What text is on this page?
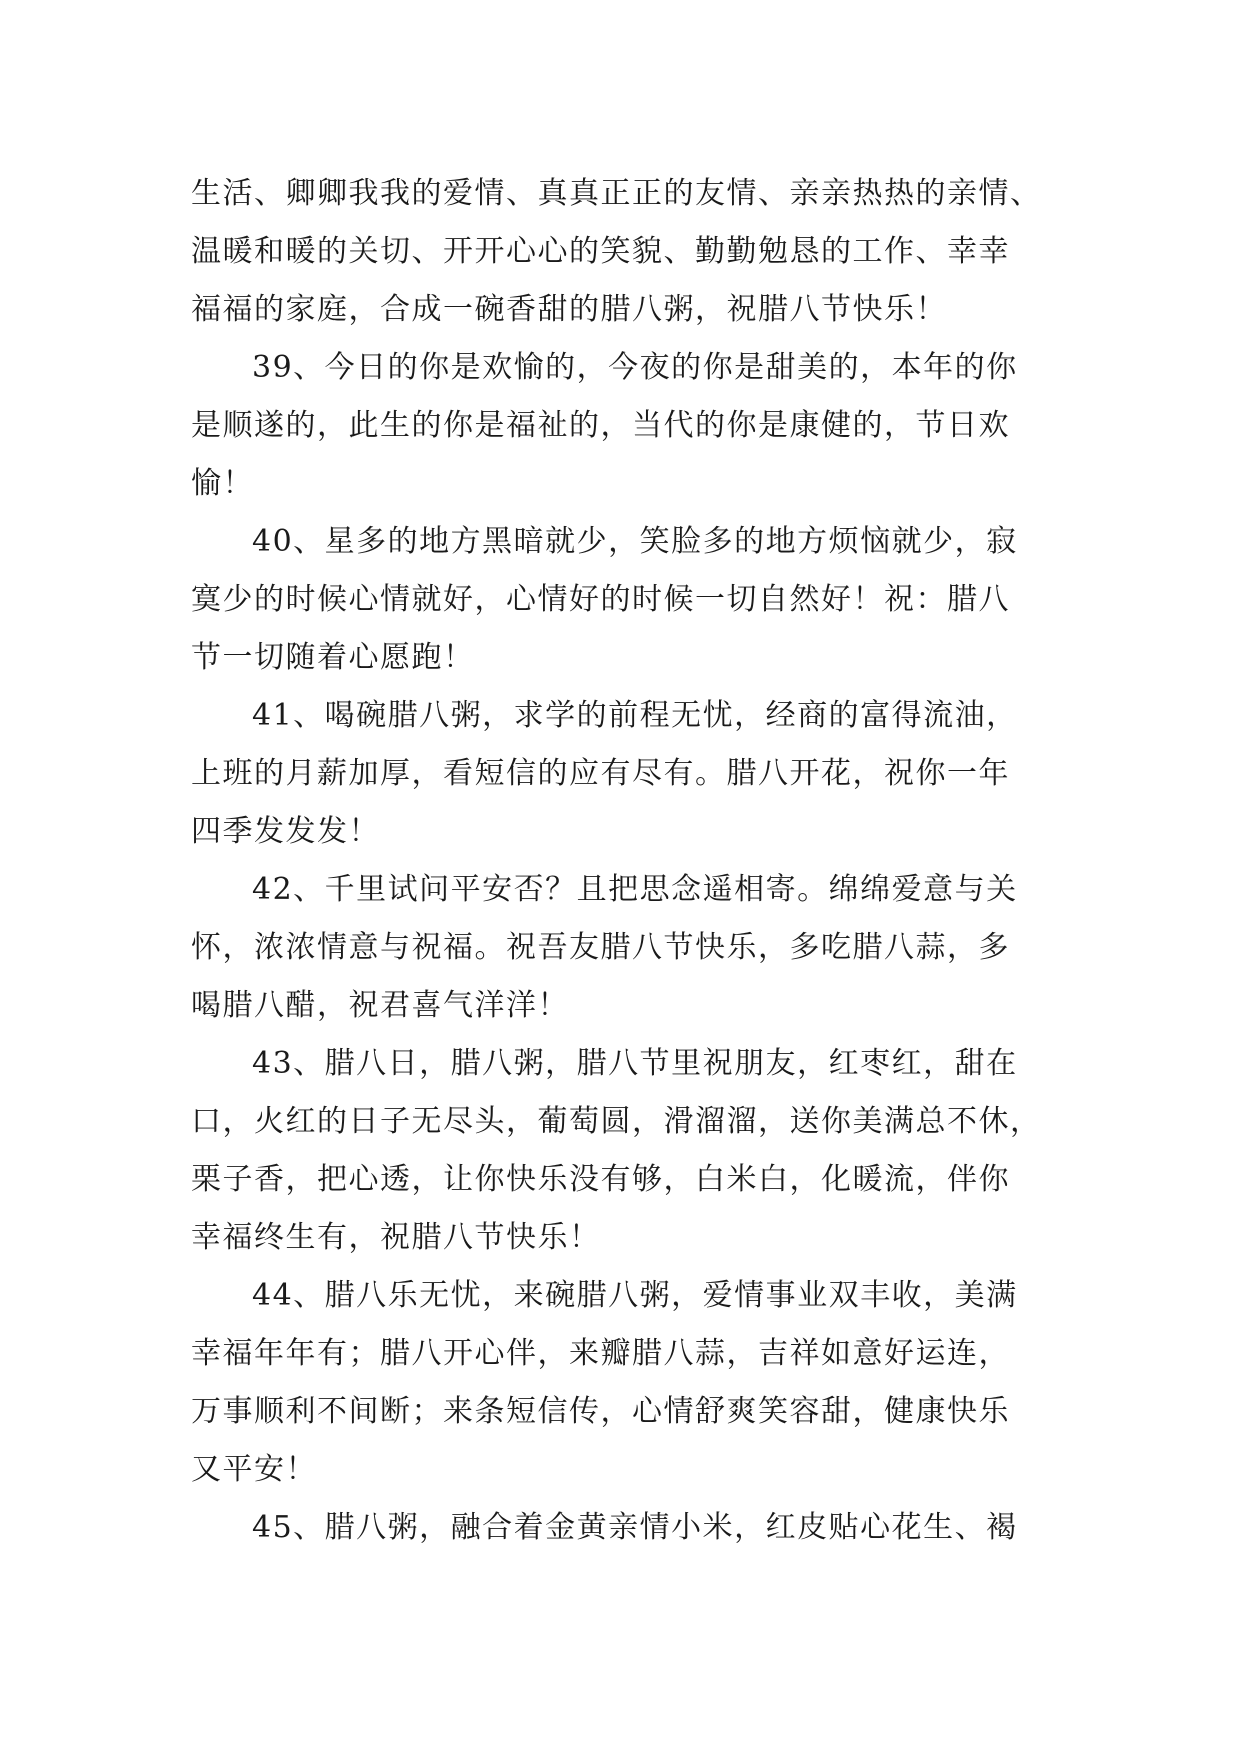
生活、卿卿我我的爱情、真真正正的友情、亲亲热热的亲情、
温暖和暖的关切、开开心心的笑貌、勤勤勉恳的工作、幸幸
福福的家庭，合成一碗香甜的腊八粥，祝腊八节快乐！
39、今日的你是欢愉的，今夜的你是甜美的，本年的你
是顺遂的，此生的你是福祉的，当代的你是康健的，节日欢
愉！
40、星多的地方黑暗就少，笑脸多的地方烦恼就少，寂
寞少的时候心情就好，心情好的时候一切自然好！祝：腊八
节一切随着心愿跑！
41、喝碗腊八粥，求学的前程无忧，经商的富得流油，
上班的月薪加厚，看短信的应有尽有。腊八开花，祝你一年
四季发发发！
42、千里试问平安否？且把思念遥相寄。绵绵爱意与关
怀，浓浓情意与祝福。祝吾友腊八节快乐，多吃腊八蒜，多
喝腊八醋，祝君喜气洋洋！
43、腊八日，腊八粥，腊八节里祝朋友，红枣红，甜在
口，火红的日子无尽头，葡萄圆，滑溜溜，送你美满总不休，
栗子香，把心透，让你快乐没有够，白米白，化暖流，伴你
幸福终生有，祝腊八节快乐！
44、腊八乐无忧，来碗腊八粥，爱情事业双丰收，美满
幸福年年有；腊八开心伴，来瓣腊八蒜，吉祥如意好运连，
万事顺利不间断；来条短信传，心情舒爽笑容甜，健康快乐
又平安！
45、腊八粥，融合着金黄亲情小米，红皮贴心花生、褐
